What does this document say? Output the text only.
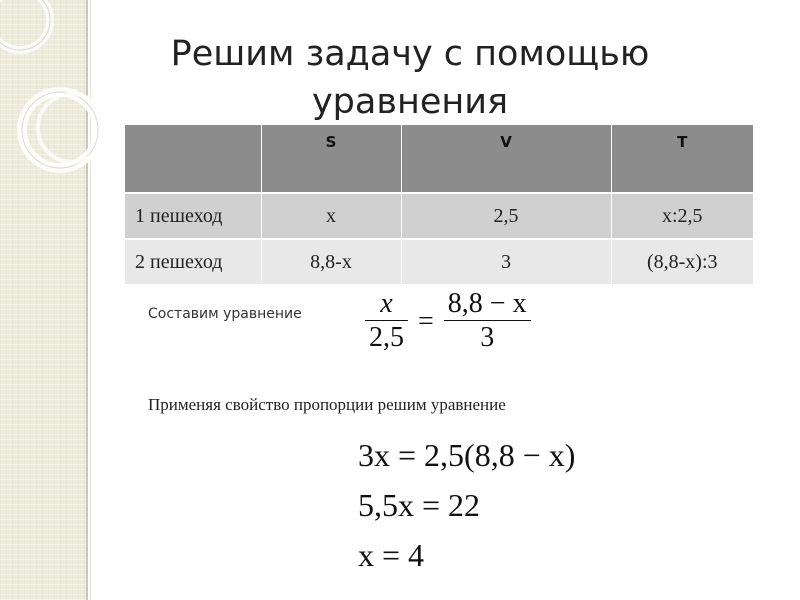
Решим задачу с помощью уравнения
	S	V	T
1 пешеход	х	2,5	х:2,5
2 пешеход	8,8-х	3	(8,8-х):3
Составим уравнение $\frac{x}{2,5} = \frac{8,8 - x}{3}$
Применяя свойство пропорции решим уравнение
3x = 2,5(8,8 − x)
5,5x = 22
x = 4
